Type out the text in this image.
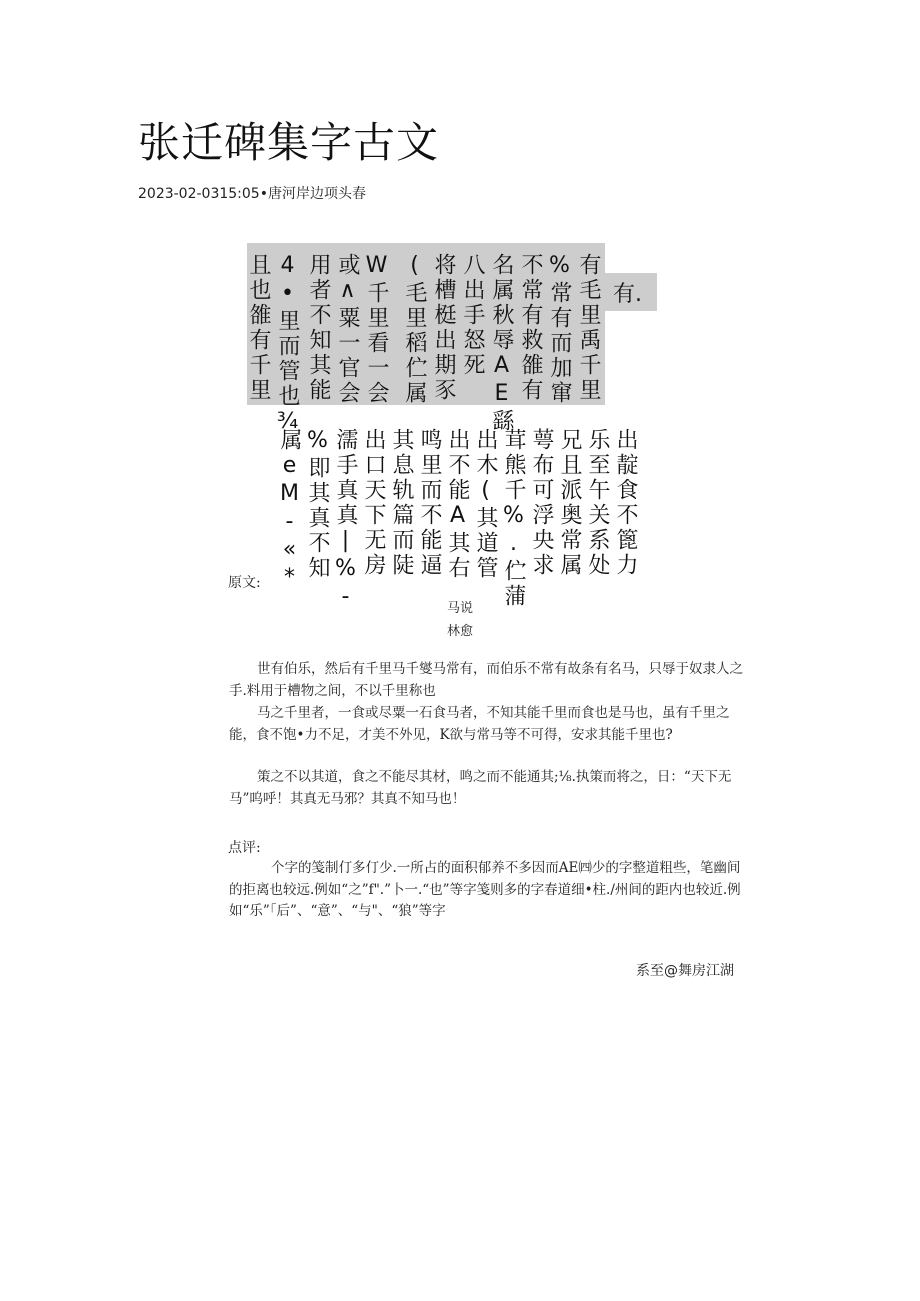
张迁碑集字古文
2023-02-0315:05•唐河岸边项头春
有毛里禹千里
%常有而加窜
不常有救雒有
名属秋辱AE繇
八出手怒死
将槽梃出期豕
(毛里稻伫属
W千里看一会
或∧粟一官会
用者不知其能
4•里而管也¾
且也雒有千里	有.
出靛食不篦力
乐至午关系处
兄且派奥常属
萼布可浮央求
茸熊千%.伫蒲
出木(其道管
出不能A其右
鸣里而不能逼
其息轨篇而陡
出口天下无房
濡手真真|%-
%即其真不知
属eM-«*
原文:
马说
林愈

世有伯乐，然后有千里马千燮马常有，而伯乐不常有故条有名马，只辱于奴隶人之手.料用于槽物之间，不以千里称也

马之千里者，一食或尽粟一石食马者，不知其能千里而食也是马也，虽有千里之能，食不饱•力不足，才美不外见，K欲与常马等不可得，安求其能千里也?

策之不以其道，食之不能尽其材，鸣之而不能通其;⅛.执策而将之，日：“天下无马”呜呼！其真无马邪？其真不知马也！

点评:

个字的笺制仃多仃少.一所占的面积郁养不多因而AE㈣少的字整道粗些，笔幽间的拒离也较远.例如“之”f".”卜一.“也”等字笺则多的字春道细•柱./州间的距内也较近.例如“乐”「后”、“意”、“与"、“狼”等字

系至@舞房江湖
